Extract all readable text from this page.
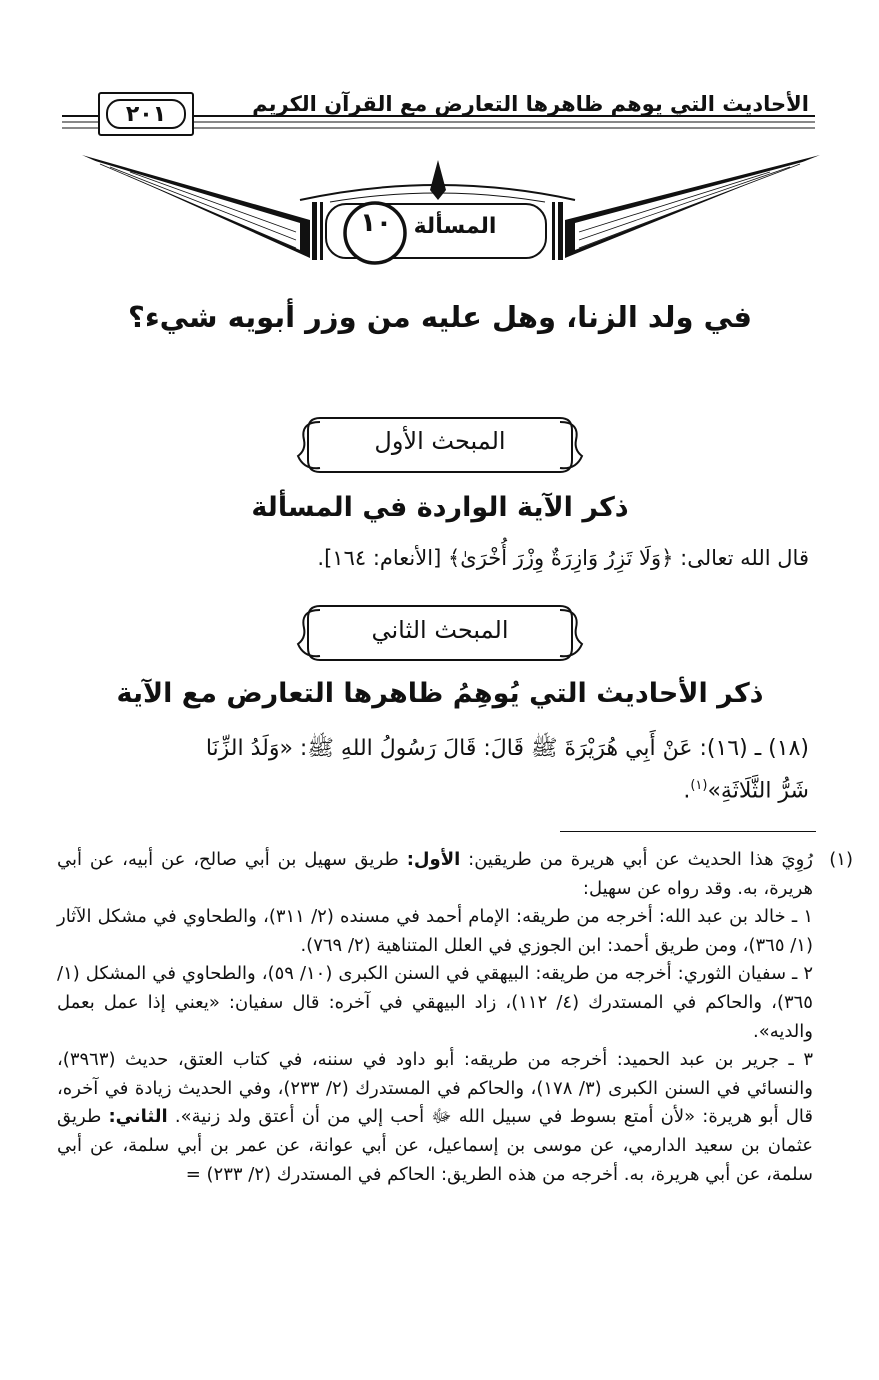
الأحاديث التي يوهم ظاهرها التعارض مع القرآن الكريم
٢٠١
المسألة
١٠
في ولد الزنا، وهل عليه من وزر أبويه شيء؟
المبحث الأول
ذكر الآية الواردة في المسألة
قال الله تعالى: ﴿وَلَا تَزِرُ وَازِرَةٌ وِزْرَ أُخْرَىٰ﴾ [الأنعام: ١٦٤].
المبحث الثاني
ذكر الأحاديث التي يُوهِمُ ظاهرها التعارض مع الآية
(١٨) ـ (١٦): عَنْ أَبِي هُرَيْرَةَ ﷺ قَالَ: قَالَ رَسُولُ اللهِ ﷺ: «وَلَدُ الزِّنَا
شَرُّ الثَّلَاثَةِ»$^{(١)}$.

(١)
رُوِيَ هذا الحديث عن أبي هريرة من طريقين: الأول: طريق سهيل بن أبي صالح، عن أبيه، عن أبي هريرة، به. وقد رواه عن سهيل:

١ ـ خالد بن عبد الله: أخرجه من طريقه: الإمام أحمد في مسنده (٢/ ٣١١)، والطحاوي في مشكل الآثار (١/ ٣٦٥)، ومن طريق أحمد: ابن الجوزي في العلل المتناهية (٢/ ٧٦٩).

٢ ـ سفيان الثوري: أخرجه من طريقه: البيهقي في السنن الكبرى (١٠/ ٥٩)، والطحاوي في المشكل (١/ ٣٦٥)، والحاكم في المستدرك (٤/ ١١٢)، زاد البيهقي في آخره: قال سفيان: «يعني إذا عمل بعمل والديه».

٣ ـ جرير بن عبد الحميد: أخرجه من طريقه: أبو داود في سننه، في كتاب العتق، حديث (٣٩٦٣)، والنسائي في السنن الكبرى (٣/ ١٧٨)، والحاكم في المستدرك (٢/ ٢٣٣)، وفي الحديث زيادة في آخره، قال أبو هريرة: «لأن أمتع بسوط في سبيل الله ﷻ أحب إلي من أن أعتق ولد زنية». الثاني: طريق عثمان بن سعيد الدارمي، عن موسى بن إسماعيل، عن أبي عوانة، عن عمر بن أبي سلمة، عن أبي سلمة، عن أبي هريرة، به. أخرجه من هذه الطريق: الحاكم في المستدرك (٢/ ٢٣٣) =
